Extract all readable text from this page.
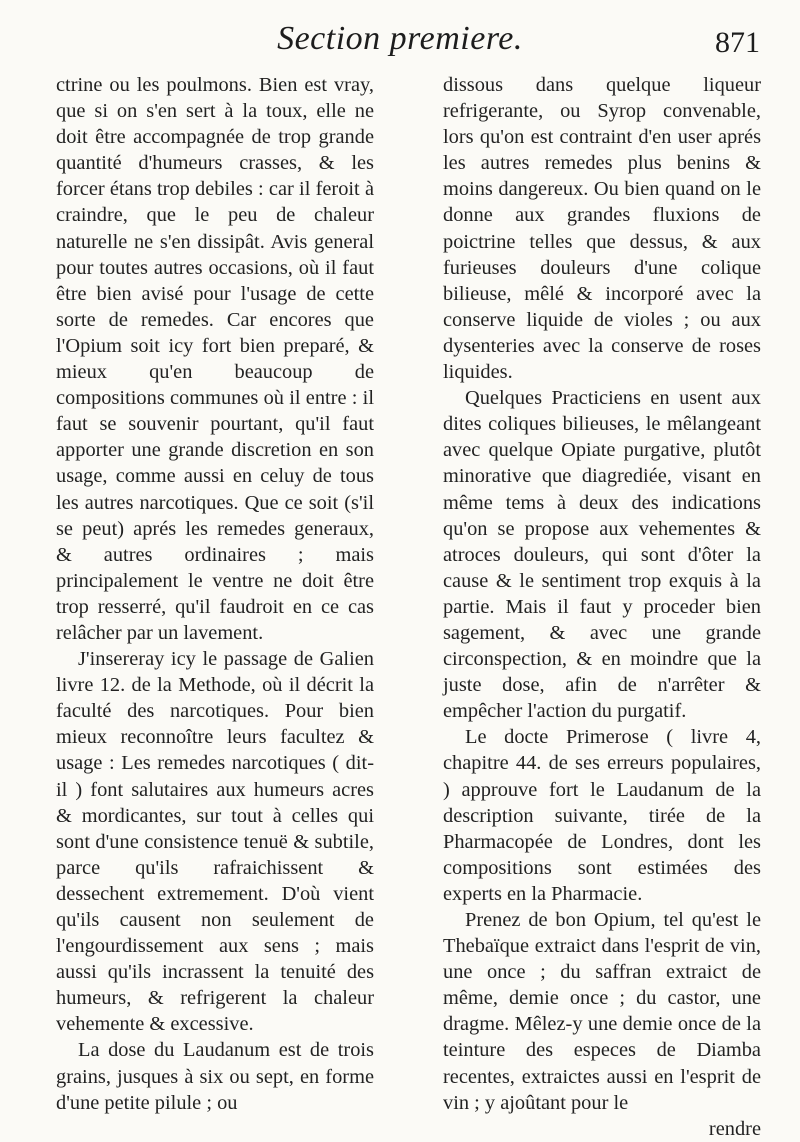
Section premiere.	871

ctrine ou les poulmons. Bien est vray, que si on s'en sert à la toux, elle ne doit être accompagnée de trop grande quantité d'humeurs crasses, & les forcer étans trop debiles : car il feroit à craindre, que le peu de chaleur naturelle ne s'en dissipât. Avis general pour toutes autres occasions, où il faut être bien avisé pour l'usage de cette sorte de remedes. Car encores que l'Opium soit icy fort bien preparé, & mieux qu'en beaucoup de compositions communes où il entre : il faut se souvenir pourtant, qu'il faut apporter une grande discretion en son usage, comme aussi en celuy de tous les autres narcotiques. Que ce soit (s'il se peut) aprés les remedes generaux, & autres ordinaires ; mais principalement le ventre ne doit être trop resserré, qu'il faudroit en ce cas relâcher par un lavement.

J'insereray icy le passage de Galien livre 12. de la Methode, où il décrit la faculté des narcotiques. Pour bien mieux reconnoître leurs facultez & usage : Les remedes narcotiques ( dit-il ) font salutaires aux humeurs acres & mordicantes, sur tout à celles qui sont d'une consistence tenuë & subtile, parce qu'ils rafraichissent & dessechent extremement. D'où vient qu'ils causent non seulement de l'engourdissement aux sens ; mais aussi qu'ils incrassent la tenuité des humeurs, & refrigerent la chaleur vehemente & excessive.

La dose du Laudanum est de trois grains, jusques à six ou sept, en forme d'une petite pilule ; ou

dissous dans quelque liqueur refrigerante, ou Syrop convenable, lors qu'on est contraint d'en user aprés les autres remedes plus benins & moins dangereux. Ou bien quand on le donne aux grandes fluxions de poictrine telles que dessus, & aux furieuses douleurs d'une colique bilieuse, mêlé & incorporé avec la conserve liquide de violes ; ou aux dysenteries avec la conserve de roses liquides.

Quelques Practiciens en usent aux dites coliques bilieuses, le mêlangeant avec quelque Opiate purgative, plutôt minorative que diagrediée, visant en même tems à deux des indications qu'on se propose aux vehementes & atroces douleurs, qui sont d'ôter la cause & le sentiment trop exquis à la partie. Mais il faut y proceder bien sagement, & avec une grande circonspection, & en moindre que la juste dose, afin de n'arrêter & empêcher l'action du purgatif.

Le docte Primerose ( livre 4, chapitre 44. de ses erreurs populaires, ) approuve fort le Laudanum de la description suivante, tirée de la Pharmacopée de Londres, dont les compositions sont estimées des experts en la Pharmacie.

Prenez de bon Opium, tel qu'est le Thebaïque extraict dans l'esprit de vin, une once ; du saffran extraict de même, demie once ; du castor, une dragme. Mêlez-y une demie once de la teinture des especes de Diamba recentes, extraictes aussi en l'esprit de vin ; y ajoûtant pour le

rendre
